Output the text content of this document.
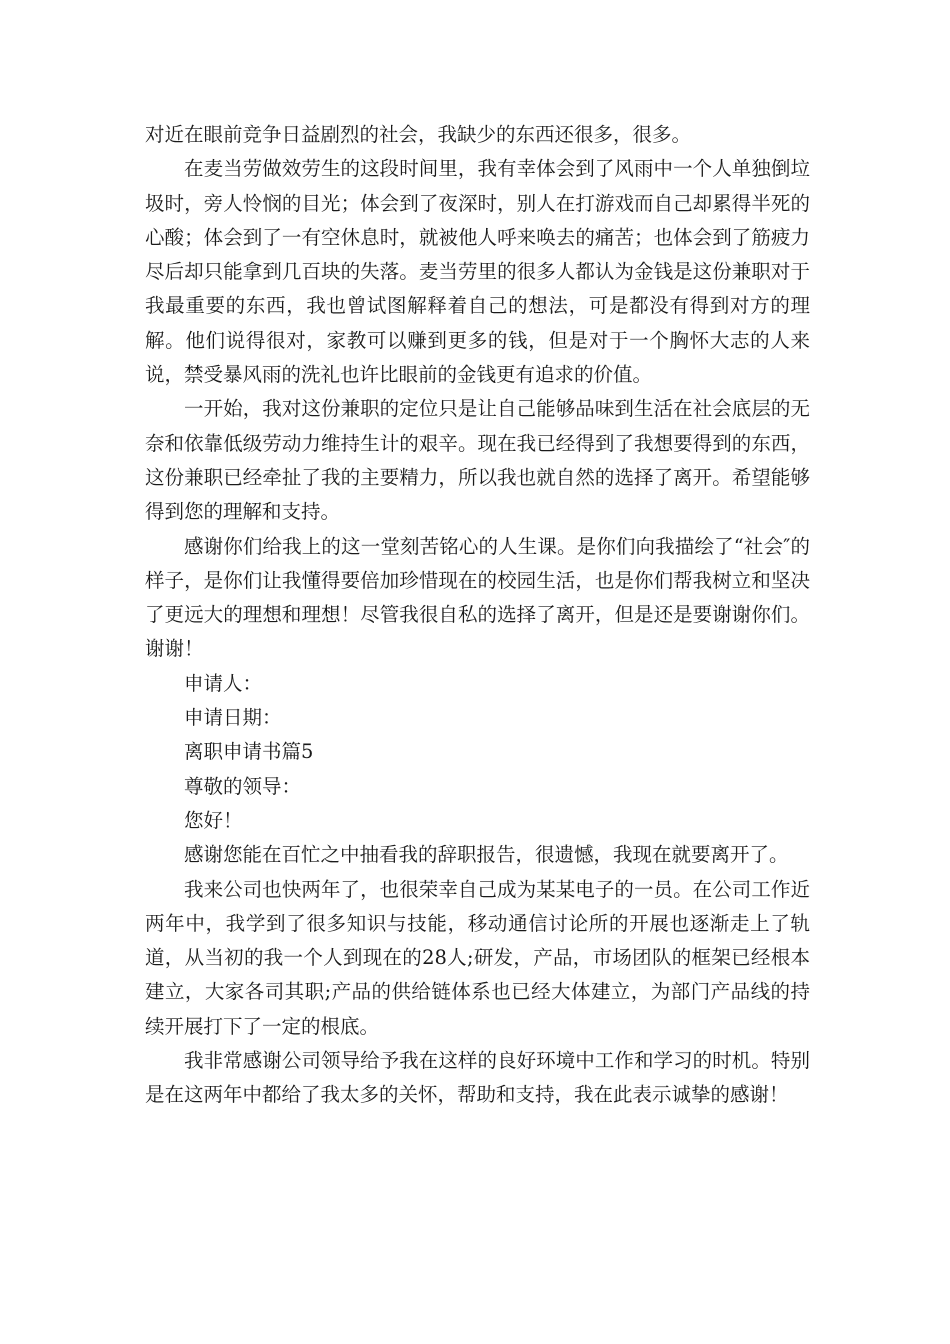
对近在眼前竞争日益剧烈的社会，我缺少的东西还很多，很多。

在麦当劳做效劳生的这段时间里，我有幸体会到了风雨中一个人单独倒垃圾时，旁人怜悯的目光；体会到了夜深时，别人在打游戏而自己却累得半死的心酸；体会到了一有空休息时，就被他人呼来唤去的痛苦；也体会到了筋疲力尽后却只能拿到几百块的失落。麦当劳里的很多人都认为金钱是这份兼职对于我最重要的东西，我也曾试图解释着自己的想法，可是都没有得到对方的理解。他们说得很对，家教可以赚到更多的钱，但是对于一个胸怀大志的人来说，禁受暴风雨的洗礼也许比眼前的金钱更有追求的价值。

一开始，我对这份兼职的定位只是让自己能够品味到生活在社会底层的无奈和依靠低级劳动力维持生计的艰辛。现在我已经得到了我想要得到的东西，这份兼职已经牵扯了我的主要精力，所以我也就自然的选择了离开。希望能够得到您的理解和支持。

感谢你们给我上的这一堂刻苦铭心的人生课。是你们向我描绘了“社会″的样子，是你们让我懂得要倍加珍惜现在的校园生活，也是你们帮我树立和坚决了更远大的理想和理想！尽管我很自私的选择了离开，但是还是要谢谢你们。谢谢！

申请人：

申请日期：

离职申请书篇5

尊敬的领导：

您好！

感谢您能在百忙之中抽看我的辞职报告，很遗憾，我现在就要离开了。

我来公司也快两年了，也很荣幸自己成为某某电子的一员。在公司工作近两年中，我学到了很多知识与技能，移动通信讨论所的开展也逐渐走上了轨道，从当初的我一个人到现在的28人;研发，产品，市场团队的框架已经根本建立，大家各司其职;产品的供给链体系也已经大体建立，为部门产品线的持续开展打下了一定的根底。

我非常感谢公司领导给予我在这样的良好环境中工作和学习的时机。特别是在这两年中都给了我太多的关怀，帮助和支持，我在此表示诚挚的感谢！
